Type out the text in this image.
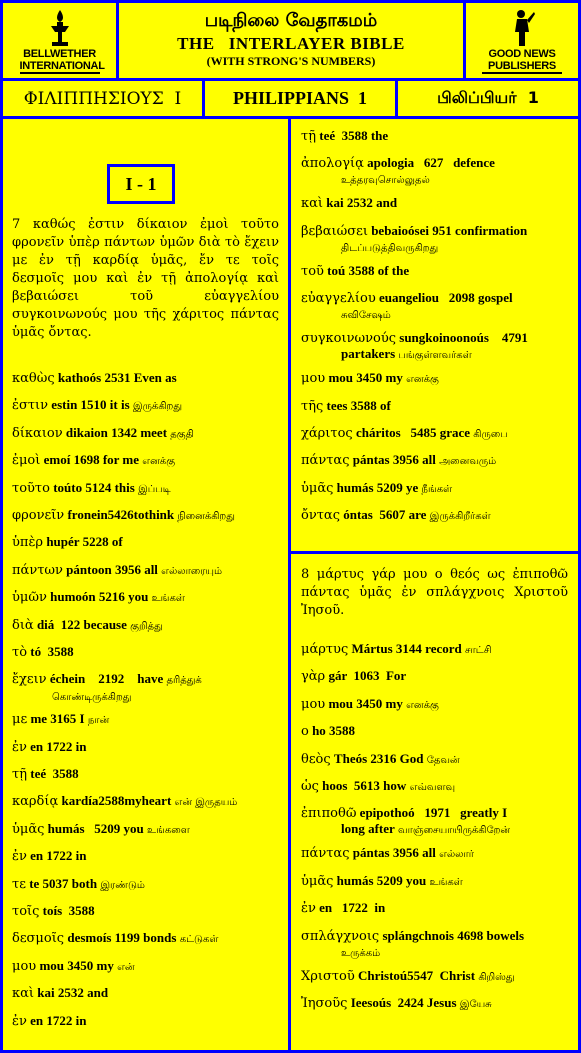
BELLWETHER INTERNATIONAL
படிநிலை வேதாகமம்
THE   INTERLAYER BIBLE
(WITH STRONG'S NUMBERS)
GOOD NEWS PUBLISHERS
ΦΙΛΙΠΠΗΣΙΟΥΣ  Ι	PHILIPPIANS  1	பிலிப்பியர்  1
I - 1
7 καθώς ἐστιν δίκαιον ἐμοὶ τοῦτο φρονεῖν ὑπὲρ πάντων ὑμῶν διὰ τὸ ἔχειν με ἐν τῇ καρδίᾳ ὑμᾶς, ἔν τε τοῖς δεσμοῖς μου καὶ ἐν τῇ ἀπολογίᾳ καὶ βεβαιώσει τοῦ εὐαγγελίου συγκοινωνούς μου τῆς χάριτος πάντας ὑμᾶς ὄντας.
καθὼς kathoós 2531 Even as
ἐστιν estin 1510 it is இருக்கிறது
δίκαιον dikaion 1342 meet தகுதி
ἐμοὶ emoí 1698 for me எனக்கு
τοῦτο toúto 5124 this இப்படி
φρονεῖν fronein5426tothink நினைக்கிறது
ὑπὲρ hupér 5228 of
πάντων pántoon 3956 all எல்லாரையும்
ὑμῶν humoón 5216 you உங்கள்
διὰ diá  122 because குறித்து
τὸ tó  3588
ἔχειν échein    2192    have தரித்துக்
கொண்டிருக்கிறது
με me 3165 I நான்
ἐν en 1722 in
τῇ teé  3588
καρδίᾳ kardía2588myheart என் இருதயம்
ὑμᾶς humás   5209 you உங்களை
ἐν en 1722 in
τε te 5037 both இரண்டும்
τοῖς toís  3588
δεσμοῖς desmoís 1199 bonds கட்டுகள்
μου mou 3450 my என்
καὶ kai 2532 and
ἐν en 1722 in
τῇ teé  3588 the
ἀπολογίᾳ apologia   627   defence
உத்தரவுசொல்லுதல்
καὶ kai 2532 and
βεβαιώσει bebaioósei 951 confirmation
திடப்படுத்திவருகிறது
τοῦ toú 3588 of the
εὐαγγελίου euangeliou   2098 gospel
சுவிசேஷம்
συγκοινωνούς sungkoinoonoús    4791
partakers பங்குள்ளவர்கள்
μου mou 3450 my எனக்கு
τῆς tees 3588 of
χάριτος cháritos   5485 grace கிருபை
πάντας pántas 3956 all அனைவரும்
ὑμᾶς humás 5209 ye நீங்கள்
ὄντας óntas  5607 are இருக்கிறீர்கள்
8 μάρτυς γάρ μου ο θεός ως ἐπιποθῶ πάντας ὑμᾶς ἐν σπλάγχνοις Χριστοῦ Ἰησοῦ.
μάρτυς Mártus 3144 record சாட்சி
γὰρ gár  1063  For
μου mou 3450 my எனக்கு
ο ho 3588
θεὸς Theós 2316 God தேவன்
ὡς hoos  5613 how எவ்வளவு
ἐπιποθῶ epipothoó   1971   greatly I
long after வாஞ்சையாயிருக்கிறேன்
πάντας pántas 3956 all எல்லார்
ὑμᾶς humás 5209 you உங்கள்
ἐν en   1722  in
σπλάγχνοις splángchnois 4698 bowels
உருக்கம்
Χριστοῦ Christoú5547  Christ கிறிஸ்து
Ἰησοῦς Ieesoús  2424 Jesus இயேசு
